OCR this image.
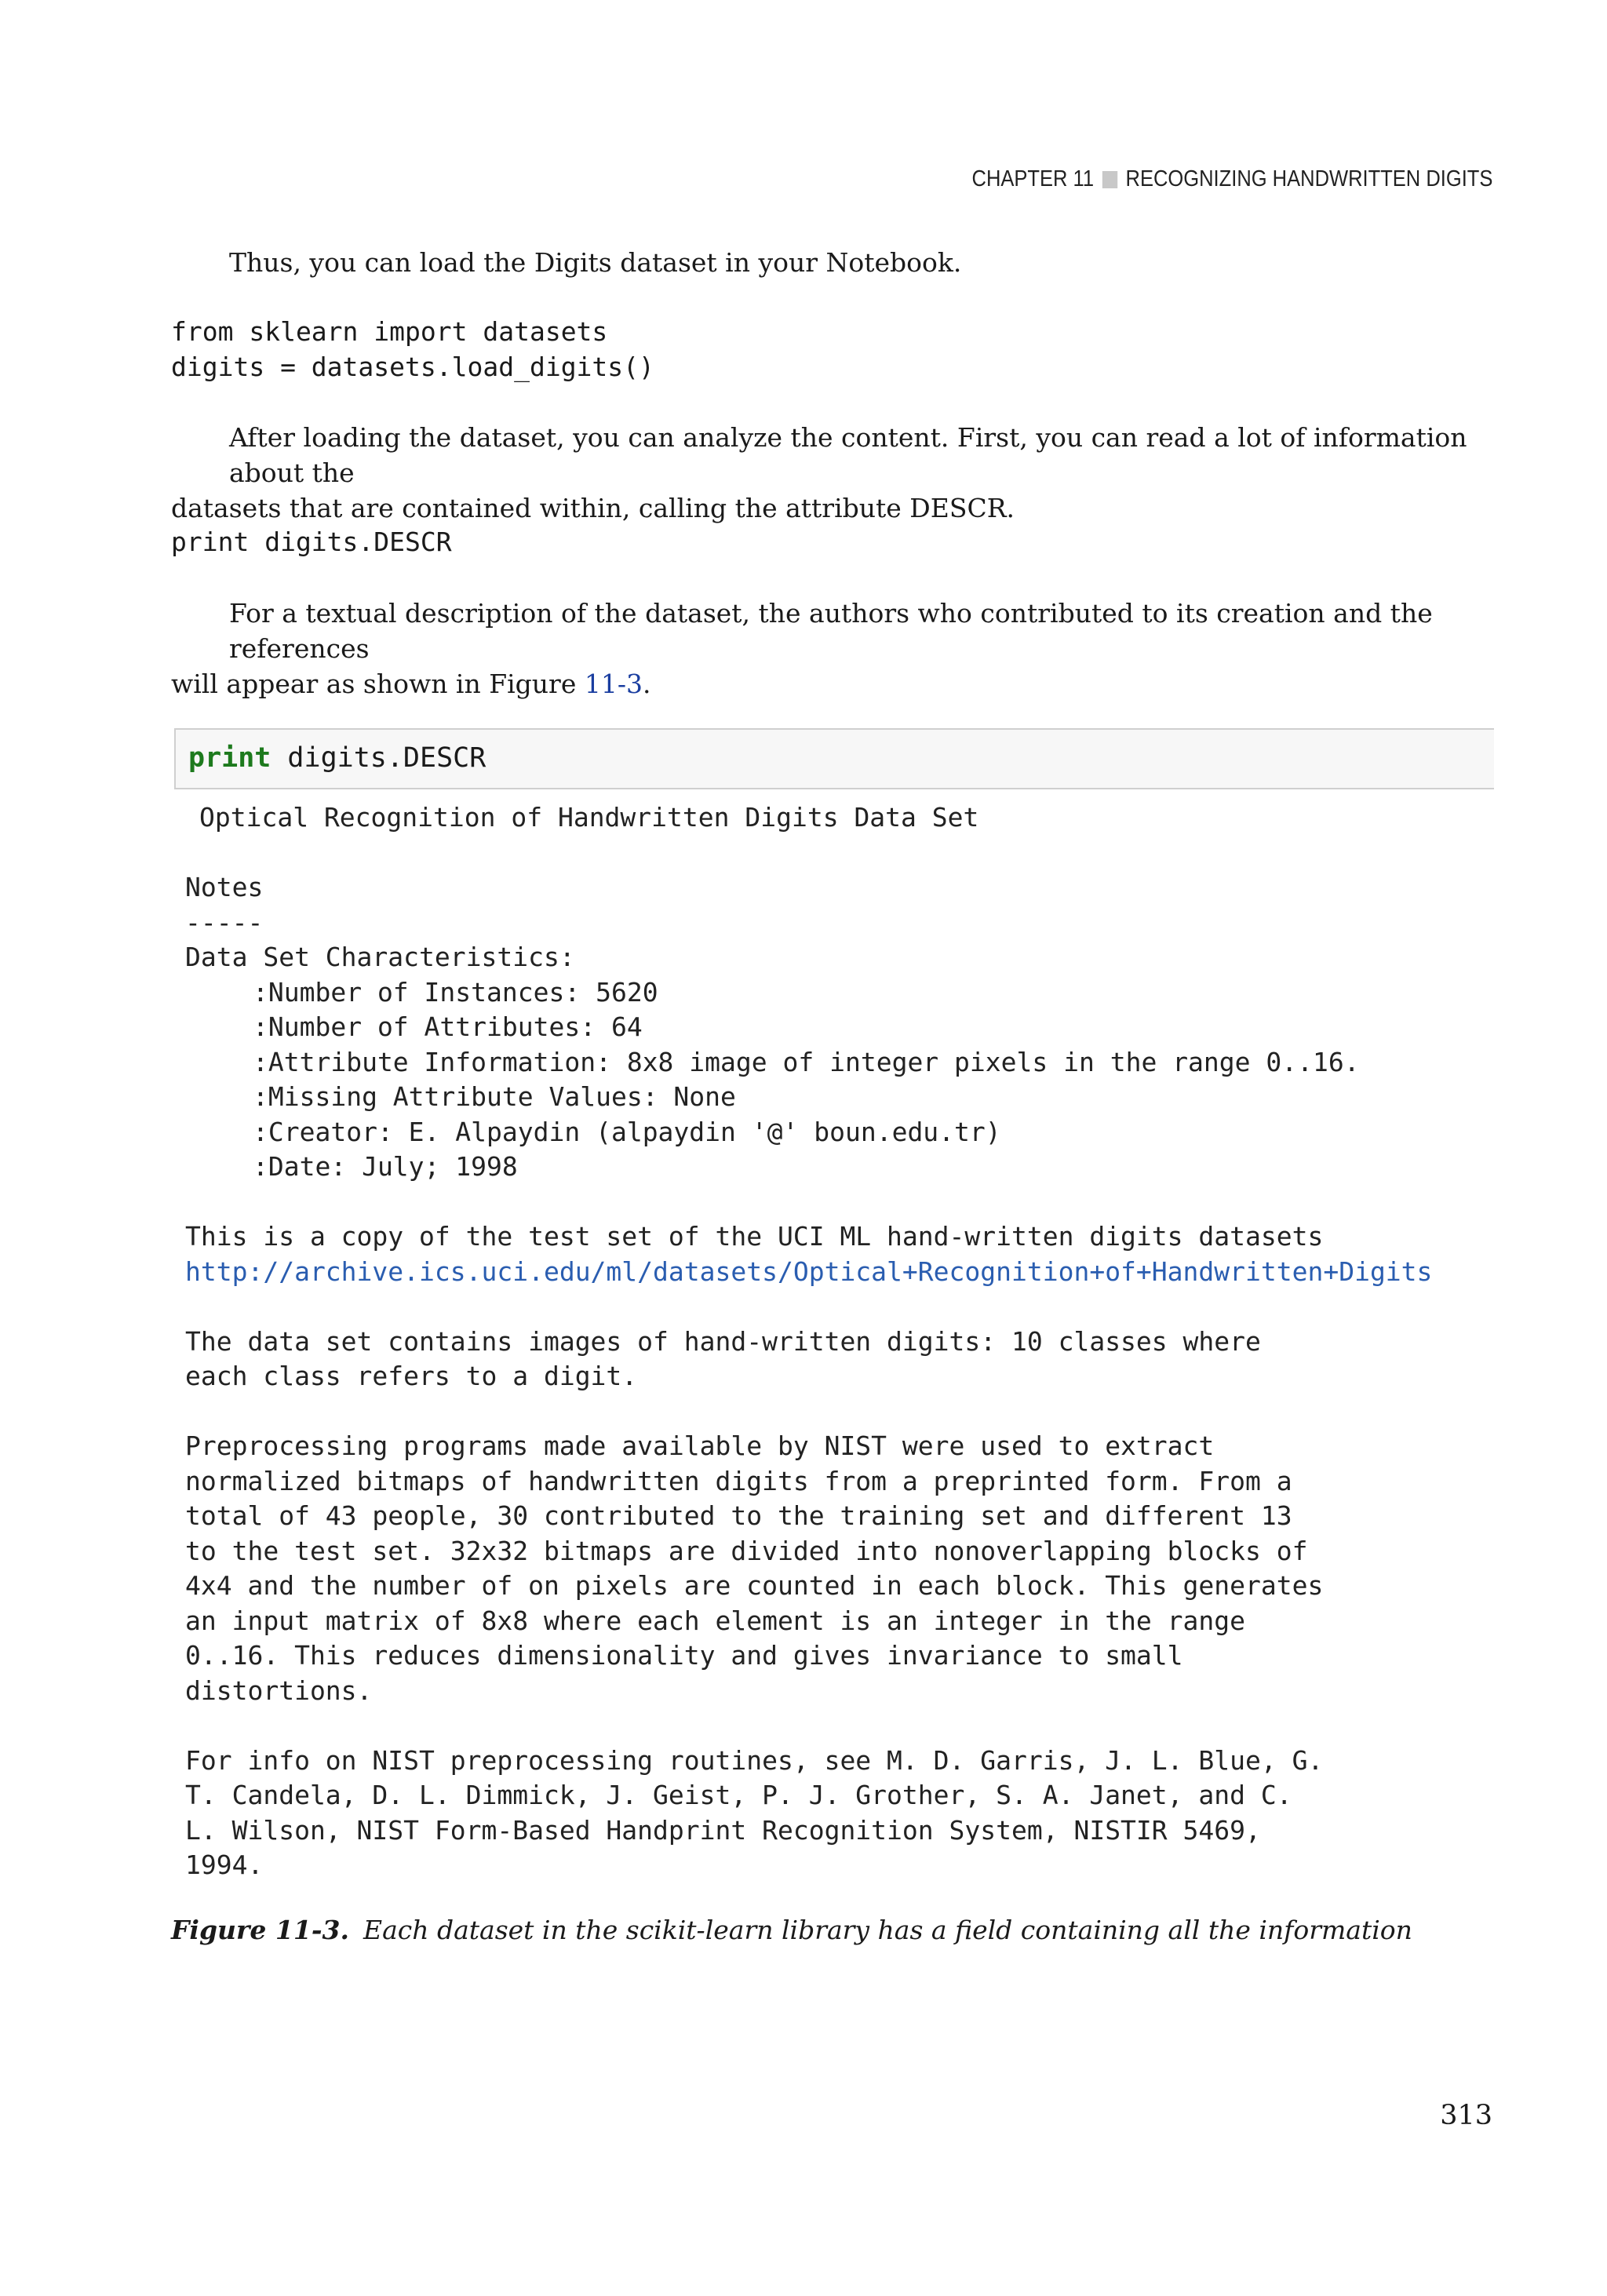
CHAPTER 11 RECOGNIZING HANDWRITTEN DIGITS

Thus, you can load the Digits dataset in your Notebook.

from sklearn import datasets
digits = datasets.load_digits()
After loading the dataset, you can analyze the content. First, you can read a lot of information about the
datasets that are contained within, calling the attribute DESCR.
print digits.DESCR
For a textual description of the dataset, the authors who contributed to its creation and the references
will appear as shown in Figure 11-3.
print digits.DESCR
Optical Recognition of Handwritten Digits Data Set
Notes
-----
Data Set Characteristics:
:Number of Instances: 5620
:Number of Attributes: 64
:Attribute Information: 8x8 image of integer pixels in the range 0..16.
:Missing Attribute Values: None
:Creator: E. Alpaydin (alpaydin '@' boun.edu.tr)
:Date: July; 1998
This is a copy of the test set of the UCI ML hand-written digits datasets
http://archive.ics.uci.edu/ml/datasets/Optical+Recognition+of+Handwritten+Digits
The data set contains images of hand-written digits: 10 classes where
each class refers to a digit.
Preprocessing programs made available by NIST were used to extract
normalized bitmaps of handwritten digits from a preprinted form. From a
total of 43 people, 30 contributed to the training set and different 13
to the test set. 32x32 bitmaps are divided into nonoverlapping blocks of
4x4 and the number of on pixels are counted in each block. This generates
an input matrix of 8x8 where each element is an integer in the range
0..16. This reduces dimensionality and gives invariance to small
distortions.
For info on NIST preprocessing routines, see M. D. Garris, J. L. Blue, G.
T. Candela, D. L. Dimmick, J. Geist, P. J. Grother, S. A. Janet, and C.
L. Wilson, NIST Form-Based Handprint Recognition System, NISTIR 5469,
1994.
Figure 11-3. Each dataset in the scikit-learn library has a field containing all the information
313
